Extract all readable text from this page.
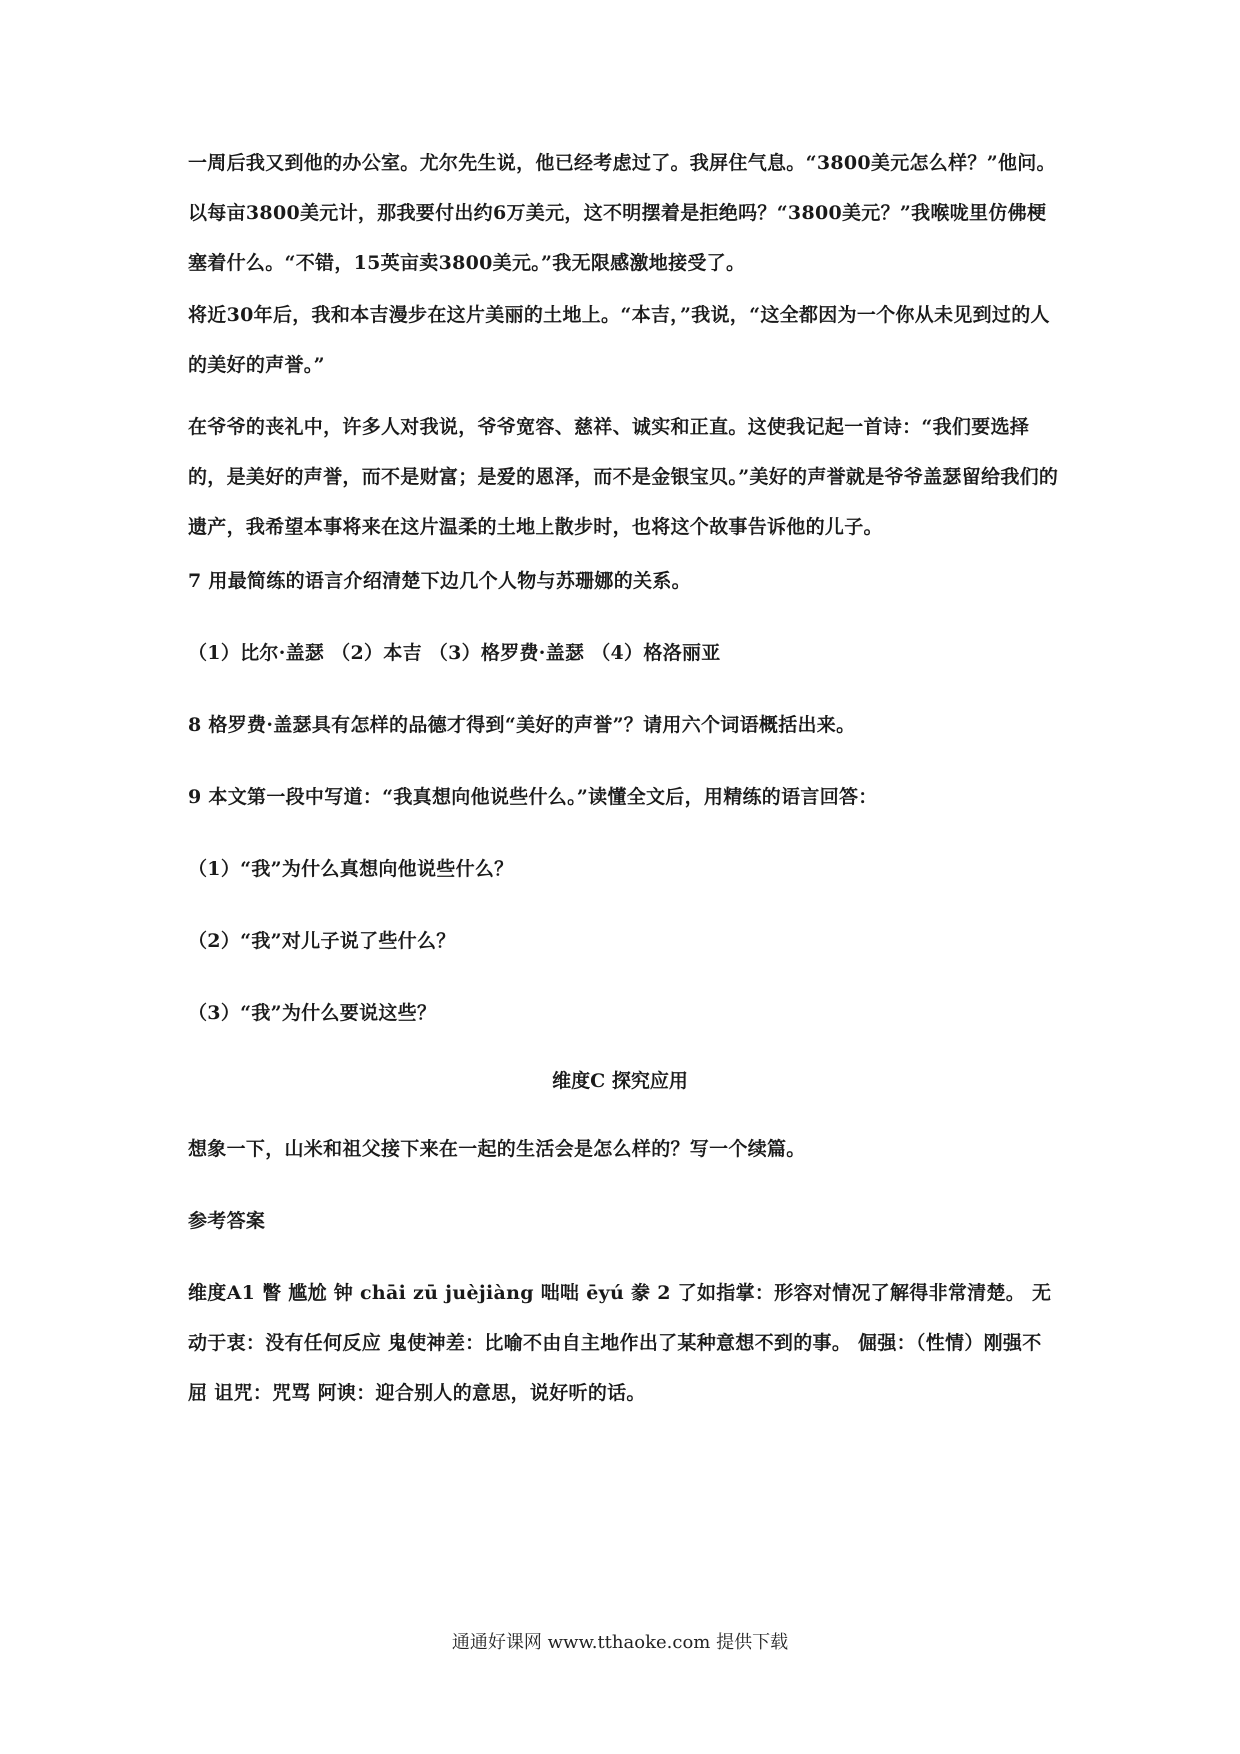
一周后我又到他的办公室。尤尔先生说，他已经考虑过了。我屏住气息。“3800美元怎么样？”他问。以每亩3800美元计，那我要付出约6万美元，这不明摆着是拒绝吗？“3800美元？”我喉咙里仿佛梗塞着什么。“不错，15英亩卖3800美元。”我无限感激地接受了。

将近30年后，我和本吉漫步在这片美丽的土地上。“本吉，”我说，“这全都因为一个你从未见到过的人的美好的声誉。”

在爷爷的丧礼中，许多人对我说，爷爷宽容、慈祥、诚实和正直。这使我记起一首诗：“我们要选择的，是美好的声誉，而不是财富；是爱的恩泽，而不是金银宝贝。”美好的声誉就是爷爷盖瑟留给我们的遗产，我希望本事将来在这片温柔的土地上散步时，也将这个故事告诉他的儿子。

7 用最简练的语言介绍清楚下边几个人物与苏珊娜的关系。

（1）比尔·盖瑟 （2）本吉 （3）格罗费·盖瑟 （4）格洛丽亚

8 格罗费·盖瑟具有怎样的品德才得到“美好的声誉”？请用六个词语概括出来。

9 本文第一段中写道：“我真想向他说些什么。”读懂全文后，用精练的语言回答：

（1）“我”为什么真想向他说些什么？

（2）“我”对儿子说了些什么？

（3）“我”为什么要说这些？

维度C 探究应用

想象一下，山米和祖父接下来在一起的生活会是怎么样的？写一个续篇。

参考答案

维度A1 瞥 尴尬 钟 chāi zū juèjiàng 咄咄 ēyú 豢 2 了如指掌：形容对情况了解得非常清楚。 无动于衷：没有任何反应 鬼使神差：比喻不由自主地作出了某种意想不到的事。 倔强：（性情）刚强不屈 诅咒：咒骂 阿谀：迎合别人的意思，说好听的话。

通通好课网 www.tthaoke.com 提供下载
